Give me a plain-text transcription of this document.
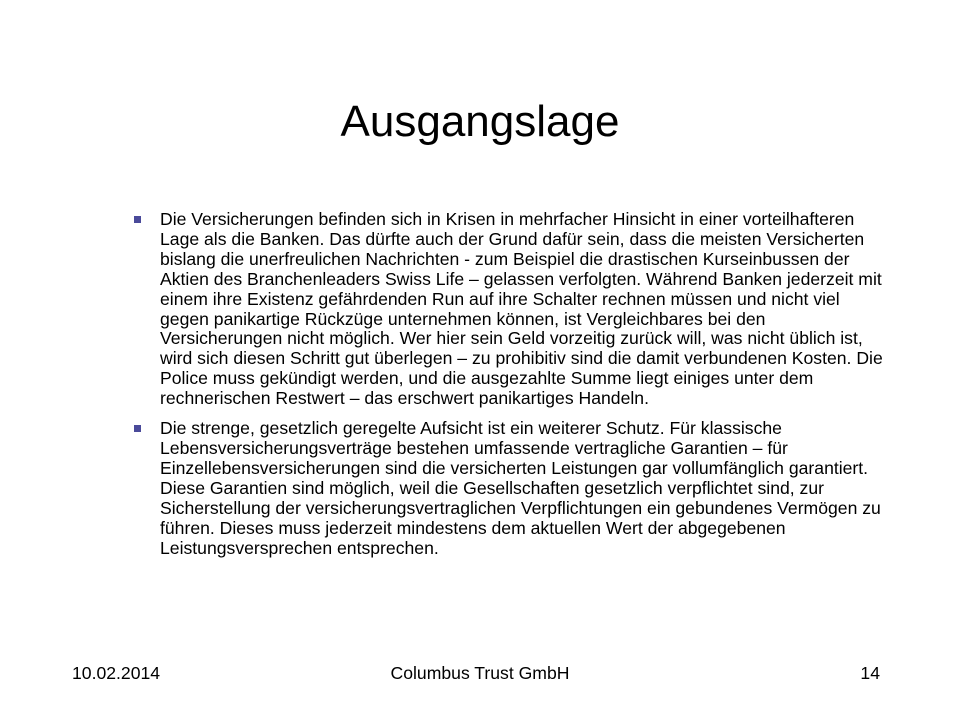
Ausgangslage
Die Versicherungen befinden sich in Krisen in mehrfacher Hinsicht in einer vorteilhafteren Lage als die Banken. Das dürfte auch der Grund dafür sein, dass die meisten Versicherten bislang die unerfreulichen Nachrichten - zum Beispiel die drastischen Kurseinbussen der Aktien des Branchenleaders Swiss Life – gelassen verfolgten. Während Banken jederzeit mit einem ihre Existenz gefährdenden Run auf ihre Schalter rechnen müssen und nicht viel gegen panikartige Rückzüge unternehmen können, ist Vergleichbares bei den Versicherungen nicht möglich. Wer hier sein Geld vorzeitig zurück will, was nicht üblich ist, wird sich diesen Schritt gut überlegen – zu prohibitiv sind die damit verbundenen Kosten. Die Police muss gekündigt werden, und die ausgezahlte Summe liegt einiges unter dem rechnerischen Restwert – das erschwert panikartiges Handeln.
Die strenge, gesetzlich geregelte Aufsicht ist ein weiterer Schutz. Für klassische Lebensversicherungsverträge bestehen umfassende vertragliche Garantien – für Einzellebensversicherungen sind die versicherten Leistungen gar vollumfänglich garantiert. Diese Garantien sind möglich, weil die Gesellschaften gesetzlich verpflichtet sind, zur Sicherstellung der versicherungsvertraglichen Verpflichtungen ein gebundenes Vermögen zu führen. Dieses muss jederzeit mindestens dem aktuellen Wert der abgegebenen Leistungsversprechen entsprechen.
10.02.2014	Columbus Trust GmbH	14
